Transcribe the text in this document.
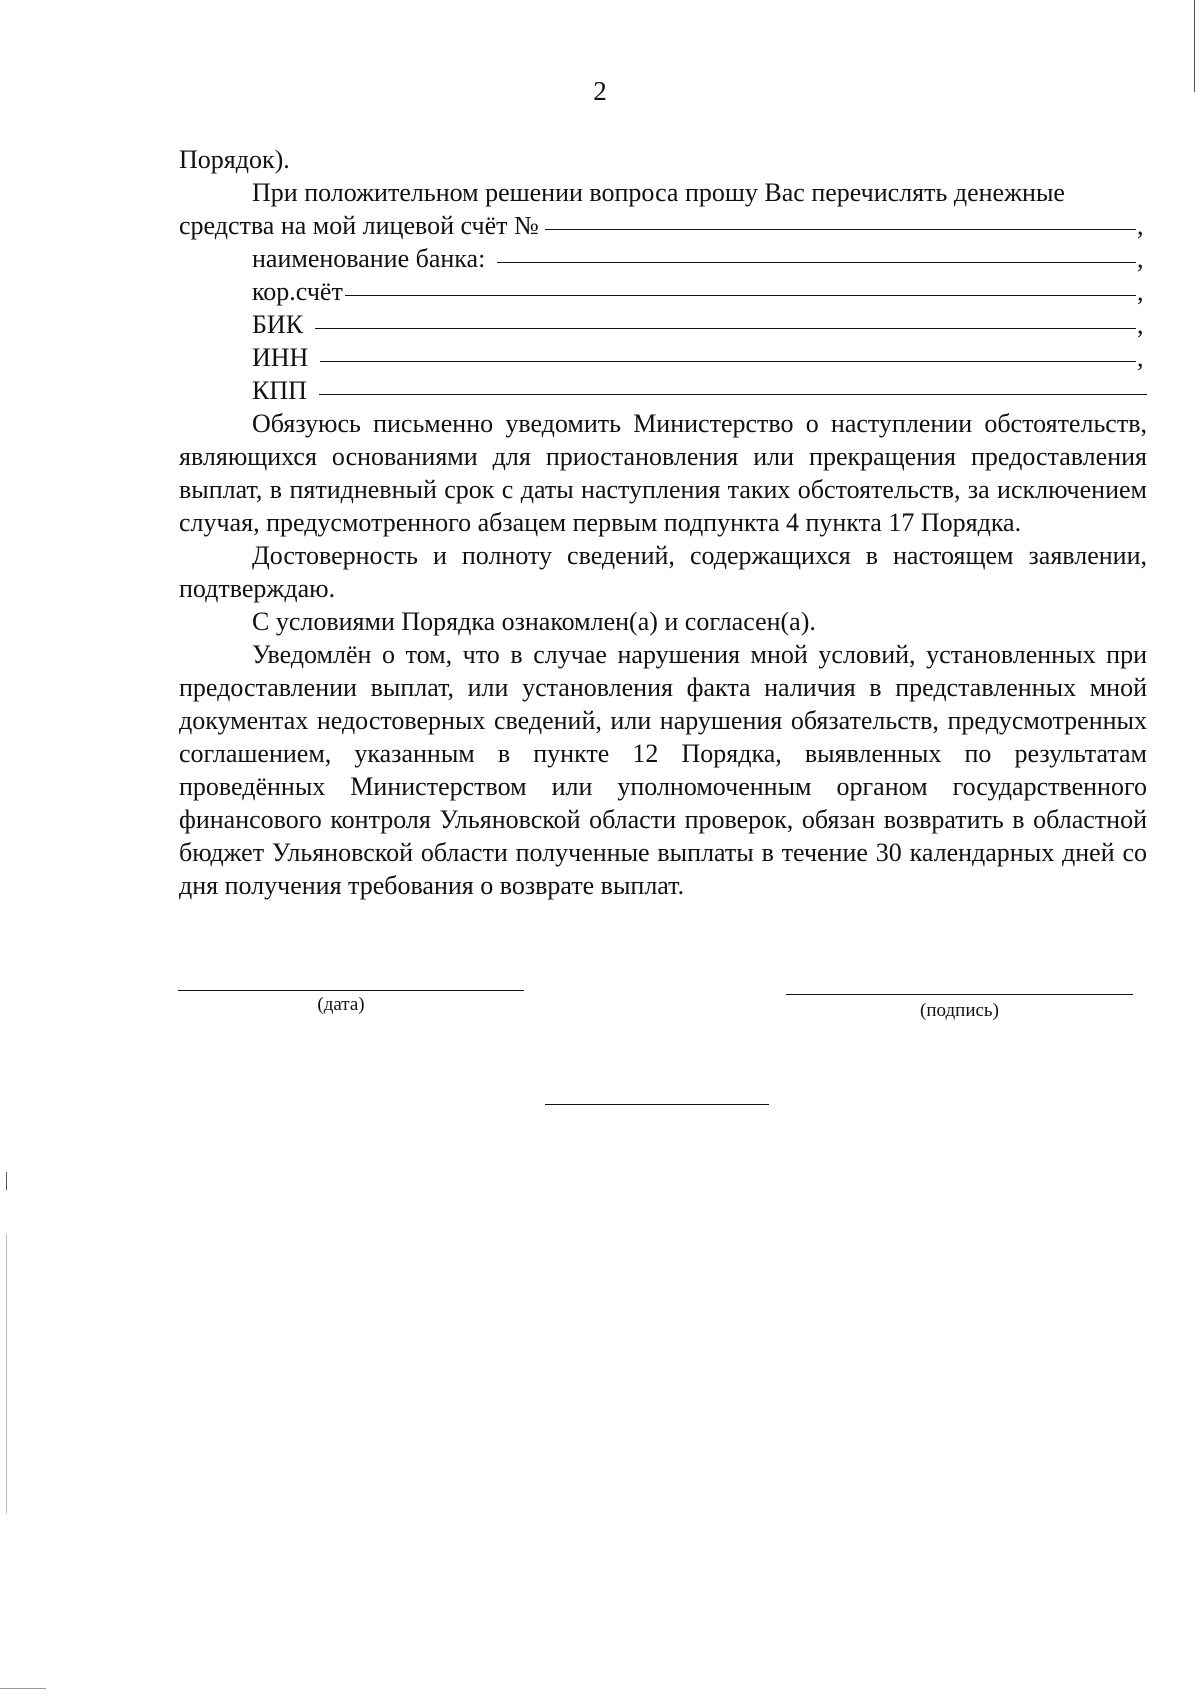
2

Порядок).

При положительном решении вопроса прошу Вас перечислять денежные

средства на мой лицевой счёт №	,
наименование банка:	,
кор.счёт	,
БИК	,
ИНН	,
КПП

Обязуюсь письменно уведомить Министерство о наступлении обстоятельств, являющихся основаниями для приостановления или прекращения предоставления выплат, в пятидневный срок с даты наступления таких обстоятельств, за исключением случая, предусмотренного абзацем первым подпункта 4 пункта 17 Порядка.

Достоверность и полноту сведений, содержащихся в настоящем заявлении, подтверждаю.

С условиями Порядка ознакомлен(а) и согласен(а).

Уведомлён о том, что в случае нарушения мной условий, установленных при предоставлении выплат, или установления факта наличия в представленных мной документах недостоверных сведений, или нарушения обязательств, предусмотренных соглашением, указанным в пункте 12 Порядка, выявленных по результатам проведённых Министерством или уполномоченным органом государственного финансового контроля Ульяновской области проверок, обязан возвратить в областной бюджет Ульяновской области полученные выплаты в течение 30 календарных дней со дня получения требования о возврате выплат.

(дата)	(подпись)
